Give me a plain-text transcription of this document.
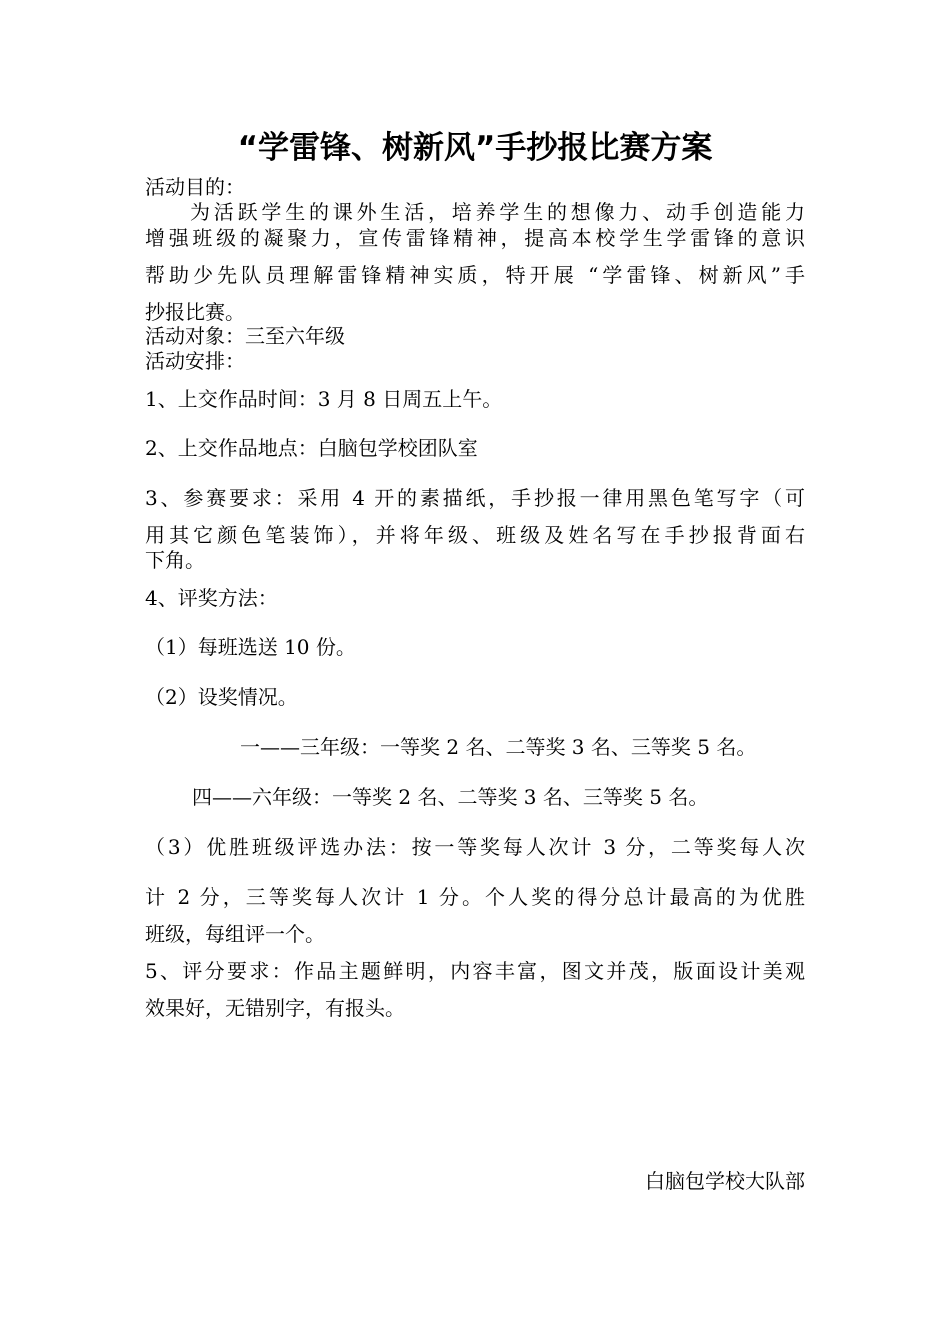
“学雷锋、树新风”手抄报比赛方案
活动目的：
为活跃学生的课外生活，培养学生的想像力、动手创造能力
增强班级的凝聚力，宣传雷锋精神，提高本校学生学雷锋的意识
帮助少先队员理解雷锋精神实质，特开展 “学雷锋、树新风”手
抄报比赛。
活动对象：三至六年级
活动安排：
1、上交作品时间：3 月 8 日周五上午。
2、上交作品地点：白脑包学校团队室
3、参赛要求：采用 4 开的素描纸，手抄报一律用黑色笔写字（可
用其它颜色笔装饰），并将年级、班级及姓名写在手抄报背面右
下角。
4、评奖方法：
（1）每班选送 10 份。
（2）设奖情况。
一——三年级：一等奖 2 名、二等奖 3 名、三等奖 5 名。
四——六年级：一等奖 2 名、二等奖 3 名、三等奖 5 名。
（3）优胜班级评选办法：按一等奖每人次计 3 分，二等奖每人次
计 2 分，三等奖每人次计 1 分。个人奖的得分总计最高的为优胜
班级，每组评一个。
5、评分要求：作品主题鲜明，内容丰富，图文并茂，版面设计美观
效果好，无错别字，有报头。
白脑包学校大队部
